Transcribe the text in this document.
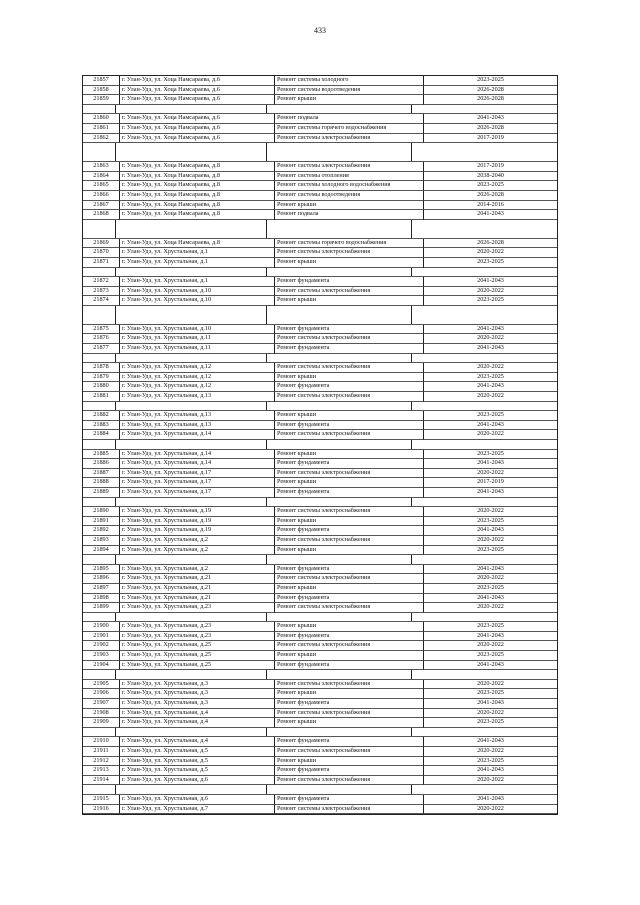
433
21857	г. Улан-Удэ, ул. Хоца Намсараева, д.6	Ремонт системы холодного	2023-2025
21858	г. Улан-Удэ, ул. Хоца Намсараева, д.6	Ремонт системы водоотведения	2026-2028
21859	г. Улан-Удэ, ул. Хоца Намсараева, д.6	Ремонт крыши	2026-2028
21860	г. Улан-Удэ, ул. Хоца Намсараева, д.6	Ремонт подвала	2041-2043
21861	г. Улан-Удэ, ул. Хоца Намсараева, д.6	Ремонт системы горячего водоснабжения	2026-2028
21862	г. Улан-Удэ, ул. Хоца Намсараева, д.6	Ремонт системы электроснабжения	2017-2019
21863	г. Улан-Удэ, ул. Хоца Намсараева, д.8	Ремонт системы электроснабжения	2017-2019
21864	г. Улан-Удэ, ул. Хоца Намсараева, д.8	Ремонт системы отопления	2038-2040
21865	г. Улан-Удэ, ул. Хоца Намсараева, д.8	Ремонт системы холодного водоснабжения	2023-2025
21866	г. Улан-Удэ, ул. Хоца Намсараева, д.8	Ремонт системы водоотведения	2026-2028
21867	г. Улан-Удэ, ул. Хоца Намсараева, д.8	Ремонт крыши	2014-2016
21868	г. Улан-Удэ, ул. Хоца Намсараева, д.8	Ремонт подвала	2041-2043
21869	г. Улан-Удэ, ул. Хоца Намсараева, д.8	Ремонт системы горячего водоснабжения	2026-2028
21870	г. Улан-Удэ, ул. Хрустальная, д.1	Ремонт системы электроснабжения	2020-2022
21871	г. Улан-Удэ, ул. Хрустальная, д.1	Ремонт крыши	2023-2025
21872	г. Улан-Удэ, ул. Хрустальная, д.1	Ремонт фундамента	2041-2043
21873	г. Улан-Удэ, ул. Хрустальная, д.10	Ремонт системы электроснабжения	2020-2022
21874	г. Улан-Удэ, ул. Хрустальная, д.10	Ремонт крыши	2023-2025
21875	г. Улан-Удэ, ул. Хрустальная, д.10	Ремонт фундамента	2041-2043
21876	г. Улан-Удэ, ул. Хрустальная, д.11	Ремонт системы электроснабжения	2020-2022
21877	г. Улан-Удэ, ул. Хрустальная, д.11	Ремонт фундамента	2041-2043
21878	г. Улан-Удэ, ул. Хрустальная, д.12	Ремонт системы электроснабжения	2020-2022
21879	г. Улан-Удэ, ул. Хрустальная, д.12	Ремонт крыши	2023-2025
21880	г. Улан-Удэ, ул. Хрустальная, д.12	Ремонт фундамента	2041-2043
21881	г. Улан-Удэ, ул. Хрустальная, д.13	Ремонт системы электроснабжения	2020-2022
21882	г. Улан-Удэ, ул. Хрустальная, д.13	Ремонт крыши	2023-2025
21883	г. Улан-Удэ, ул. Хрустальная, д.13	Ремонт фундамента	2041-2043
21884	г. Улан-Удэ, ул. Хрустальная, д.14	Ремонт системы электроснабжения	2020-2022
21885	г. Улан-Удэ, ул. Хрустальная, д.14	Ремонт крыши	2023-2025
21886	г. Улан-Удэ, ул. Хрустальная, д.14	Ремонт фундамента	2041-2043
21887	г. Улан-Удэ, ул. Хрустальная, д.17	Ремонт системы электроснабжения	2020-2022
21888	г. Улан-Удэ, ул. Хрустальная, д.17	Ремонт крыши	2017-2019
21889	г. Улан-Удэ, ул. Хрустальная, д.17	Ремонт фундамента	2041-2043
21890	г. Улан-Удэ, ул. Хрустальная, д.19	Ремонт системы электроснабжения	2020-2022
21891	г. Улан-Удэ, ул. Хрустальная, д.19	Ремонт крыши	2023-2025
21892	г. Улан-Удэ, ул. Хрустальная, д.19	Ремонт фундамента	2041-2043
21893	г. Улан-Удэ, ул. Хрустальная, д.2	Ремонт системы электроснабжения	2020-2022
21894	г. Улан-Удэ, ул. Хрустальная, д.2	Ремонт крыши	2023-2025
21895	г. Улан-Удэ, ул. Хрустальная, д.2	Ремонт фундамента	2041-2043
21896	г. Улан-Удэ, ул. Хрустальная, д.21	Ремонт системы электроснабжения	2020-2022
21897	г. Улан-Удэ, ул. Хрустальная, д.21	Ремонт крыши	2023-2025
21898	г. Улан-Удэ, ул. Хрустальная, д.21	Ремонт фундамента	2041-2043
21899	г. Улан-Удэ, ул. Хрустальная, д.23	Ремонт системы электроснабжения	2020-2022
21900	г. Улан-Удэ, ул. Хрустальная, д.23	Ремонт крыши	2023-2025
21901	г. Улан-Удэ, ул. Хрустальная, д.23	Ремонт фундамента	2041-2043
21902	г. Улан-Удэ, ул. Хрустальная, д.25	Ремонт системы электроснабжения	2020-2022
21903	г. Улан-Удэ, ул. Хрустальная, д.25	Ремонт крыши	2023-2025
21904	г. Улан-Удэ, ул. Хрустальная, д.25	Ремонт фундамента	2041-2043
21905	г. Улан-Удэ, ул. Хрустальная, д.3	Ремонт системы электроснабжения	2020-2022
21906	г. Улан-Удэ, ул. Хрустальная, д.3	Ремонт крыши	2023-2025
21907	г. Улан-Удэ, ул. Хрустальная, д.3	Ремонт фундамента	2041-2043
21908	г. Улан-Удэ, ул. Хрустальная, д.4	Ремонт системы электроснабжения	2020-2022
21909	г. Улан-Удэ, ул. Хрустальная, д.4	Ремонт крыши	2023-2025
21910	г. Улан-Удэ, ул. Хрустальная, д.4	Ремонт фундамента	2041-2043
21911	г. Улан-Удэ, ул. Хрустальная, д.5	Ремонт системы электроснабжения	2020-2022
21912	г. Улан-Удэ, ул. Хрустальная, д.5	Ремонт крыши	2023-2025
21913	г. Улан-Удэ, ул. Хрустальная, д.5	Ремонт фундамента	2041-2043
21914	г. Улан-Удэ, ул. Хрустальная, д.6	Ремонт системы электроснабжения	2020-2022
21915	г. Улан-Удэ, ул. Хрустальная, д.6	Ремонт фундамента	2041-2043
21916	г. Улан-Удэ, ул. Хрустальная, д.7	Ремонт системы электроснабжения	2020-2022
